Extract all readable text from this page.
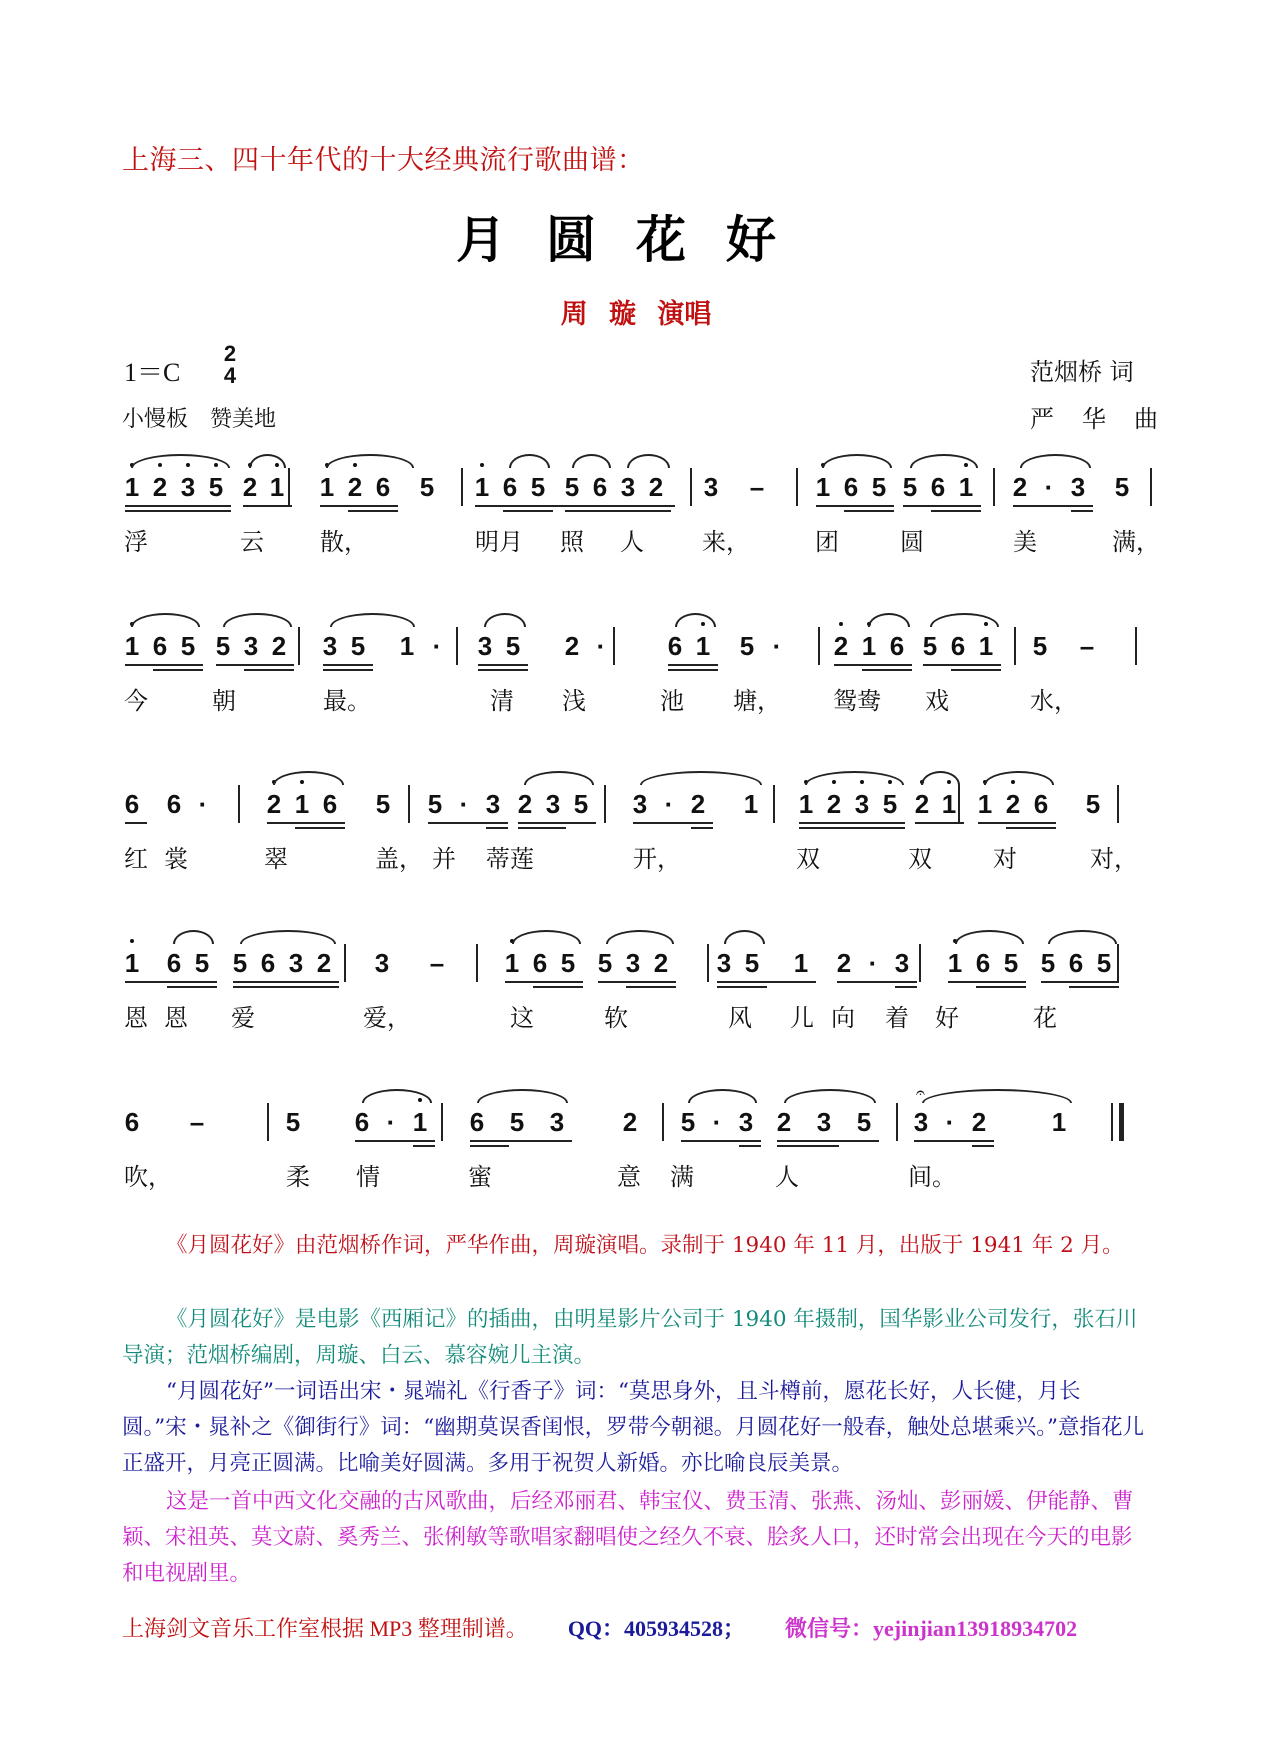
上海三、四十年代的十大经典流行歌曲谱：
月圆花好
周 璇 演唱
1＝C
2
4
小慢板 赞美地
范烟桥 词
严 华 曲
1 2 3 5 2 1 1 2 6 5 1 6 5 5 6 3 2 3 – 1 6 5 5 6 1 2 · 3 5
浮	云 散，	明月 照 人 来，	团	圆	美	满，
1 6 5 5 3 2 3 5 1 · 3 5 2 · 6 1 5 · 2 1 6 5 6 1 5 –
今	朝	最。	清 浅	池 塘， 鸳鸯 戏	水，
6 6 · 2 1 6 5 5 · 3 2 3 5 3 · 2 1 1 2 3 5 2 1 1 2 6 5
红 裳	翠	盖， 并 蒂莲	开，	双	双	对	对，
1 6 5 5 6 3 2 3 – 1 6 5 5 3 2 3 5 1 2 · 3 1 6 5 5 6 5
恩 恩 爱	爱，	这	软	风 儿 向 着 好	花
6 –	5 6 · 1 6 5 3 2 5 · 3 2 3 5 3 · 2	1
𝄐
吹，	柔 情	蜜	意 满	人	间。
《月圆花好》由范烟桥作词，严华作曲，周璇演唱。录制于 1940 年 11 月，出版于 1941 年 2 月。
《月圆花好》是电影《西厢记》的插曲，由明星影片公司于 1940 年摄制，国华影业公司发行，张石川导演；范烟桥编剧，周璇、白云、慕容婉儿主演。
“月圆花好”一词语出宋・晁端礼《行香子》词：“莫思身外，且斗樽前，愿花长好，人长健，月长圆。”宋・晁补之《御街行》词：“幽期莫误香闺恨，罗带今朝褪。月圆花好一般春，触处总堪乘兴。”意指花儿正盛开，月亮正圆满。比喻美好圆满。多用于祝贺人新婚。亦比喻良辰美景。
这是一首中西文化交融的古风歌曲，后经邓丽君、韩宝仪、费玉清、张燕、汤灿、彭丽媛、伊能静、曹颖、宋祖英、莫文蔚、奚秀兰、张俐敏等歌唱家翻唱使之经久不衰、脍炙人口，还时常会出现在今天的电影和电视剧里。
上海剑文音乐工作室根据 MP3 整理制谱。 QQ：405934528； 微信号：yejinjian13918934702
